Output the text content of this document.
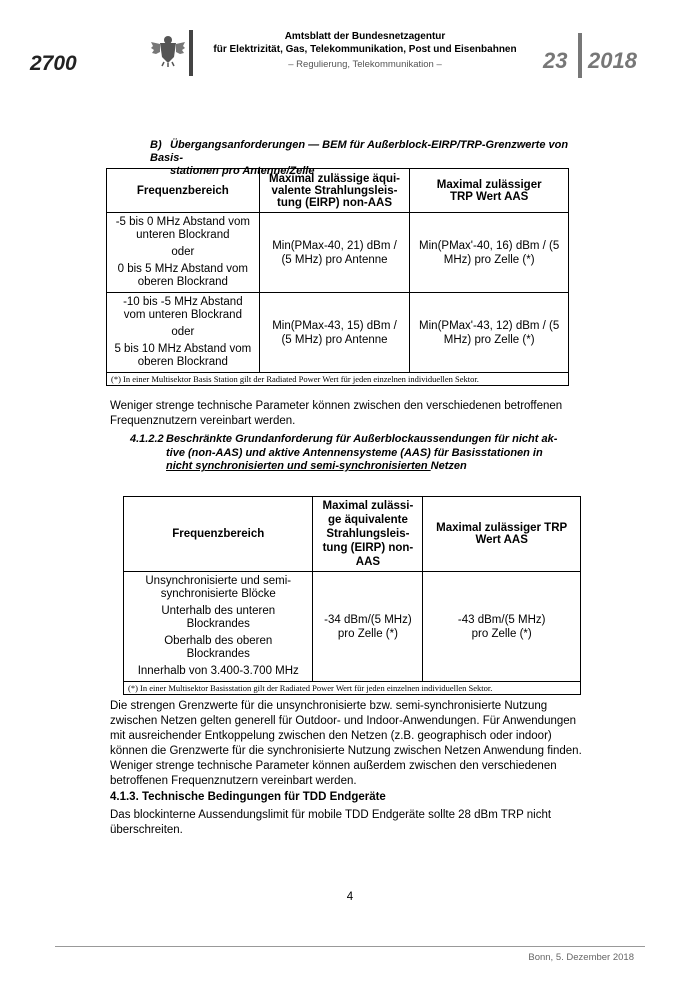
2700
Amtsblatt der Bundesnetzagentur
für Elektrizität, Gas, Telekommunikation, Post und Eisenbahnen
– Regulierung, Telekommunikation –	23 2018
B) Übergangsanforderungen — BEM für Außerblock-EIRP/TRP-Grenzwerte von Basis-
stationen pro Antenne/Zelle
Frequenzbereich	Maximal zulässige äqui-valente Strahlungsleis-tung (EIRP) non-AAS	Maximal zulässiger TRP Wert AAS

-5 bis 0 MHz Abstand vom unteren Blockrand

oder

0 bis 5 MHz Abstand vom oberen Blockrand	Min(PMax-40, 21) dBm / (5 MHz) pro Antenne	Min(PMax'-40, 16) dBm / (5 MHz) pro Zelle (*)

-10 bis -5 MHz Abstand vom unteren Blockrand

oder

5 bis 10 MHz Abstand vom oberen Blockrand	Min(PMax-43, 15) dBm / (5 MHz) pro Antenne	Min(PMax'-43, 12) dBm / (5 MHz) pro Zelle (*)
(*) In einer Multisektor Basis Station gilt der Radiated Power Wert für jeden einzelnen individuellen Sektor.		
Weniger strenge technische Parameter können zwischen den verschiedenen betroffenen Frequenznutzern vereinbart werden.
4.1.2.2 Beschränkte Grundanforderung für Außerblockaussendungen für nicht ak-
tive (non-AAS) und aktive Antennensysteme (AAS) für Basisstationen in
nicht synchronisierten und semi-synchronisierten Netzen
Frequenzbereich	Maximal zulässi-ge äquivalente Strahlungsleis-tung (EIRP) non-AAS	Maximal zulässiger TRP Wert AAS

Unsynchronisierte und semi-synchronisierte Blöcke

Unterhalb des unteren Blockrandes

Oberhalb des oberen Blockrandes

Innerhalb von 3.400-3.700 MHz	-34 dBm/(5 MHz) pro Zelle (*)	-43 dBm/(5 MHz) pro Zelle (*)
(*) In einer Multisektor Basisstation gilt der Radiated Power Wert für jeden einzelnen individuellen Sektor.		
Die strengen Grenzwerte für die unsynchronisierte bzw. semi-synchronisierte Nutzung zwischen Netzen gelten generell für Outdoor- und Indoor-Anwendungen. Für Anwendungen mit ausreichender Entkoppelung zwischen den Netzen (z.B. geographisch oder indoor) können die Grenzwerte für die synchronisierte Nutzung zwischen Netzen Anwendung finden. Weniger strenge technische Parameter können außerdem zwischen den verschiedenen betroffenen Frequenznutzern vereinbart werden.
4.1.3. Technische Bedingungen für TDD Endgeräte
Das blockinterne Aussendungslimit für mobile TDD Endgeräte sollte 28 dBm TRP nicht überschreiten.
4
Bonn, 5. Dezember 2018
